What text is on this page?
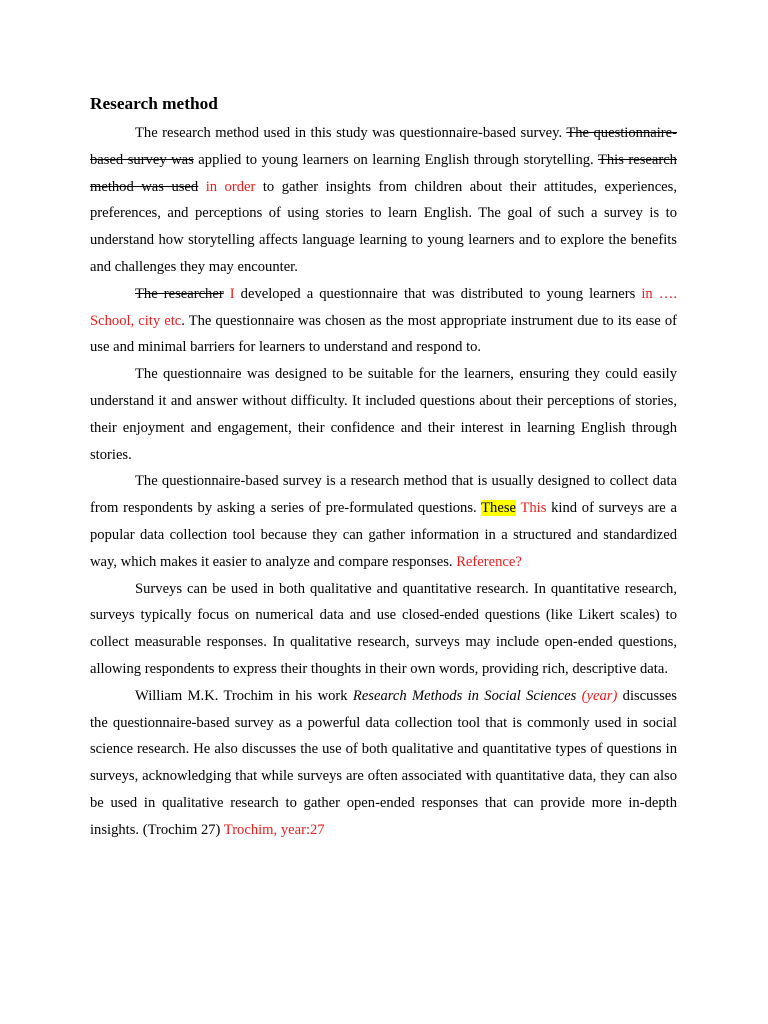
Research method

The research method used in this study was questionnaire-based survey. The questionnaire-based survey was applied to young learners on learning English through storytelling. This research method was used in order to gather insights from children about their attitudes, experiences, preferences, and perceptions of using stories to learn English. The goal of such a survey is to understand how storytelling affects language learning to young learners and to explore the benefits and challenges they may encounter.

The researcher I developed a questionnaire that was distributed to young learners in …. School, city etc. The questionnaire was chosen as the most appropriate instrument due to its ease of use and minimal barriers for learners to understand and respond to.

The questionnaire was designed to be suitable for the learners, ensuring they could easily understand it and answer without difficulty. It included questions about their perceptions of stories, their enjoyment and engagement, their confidence and their interest in learning English through stories.

The questionnaire-based survey is a research method that is usually designed to collect data from respondents by asking a series of pre-formulated questions. These This kind of surveys are a popular data collection tool because they can gather information in a structured and standardized way, which makes it easier to analyze and compare responses. Reference?

Surveys can be used in both qualitative and quantitative research. In quantitative research, surveys typically focus on numerical data and use closed-ended questions (like Likert scales) to collect measurable responses. In qualitative research, surveys may include open-ended questions, allowing respondents to express their thoughts in their own words, providing rich, descriptive data.

William M.K. Trochim in his work Research Methods in Social Sciences (year) discusses the questionnaire-based survey as a powerful data collection tool that is commonly used in social science research. He also discusses the use of both qualitative and quantitative types of questions in surveys, acknowledging that while surveys are often associated with quantitative data, they can also be used in qualitative research to gather open-ended responses that can provide more in-depth insights. (Trochim 27) Trochim, year:27
